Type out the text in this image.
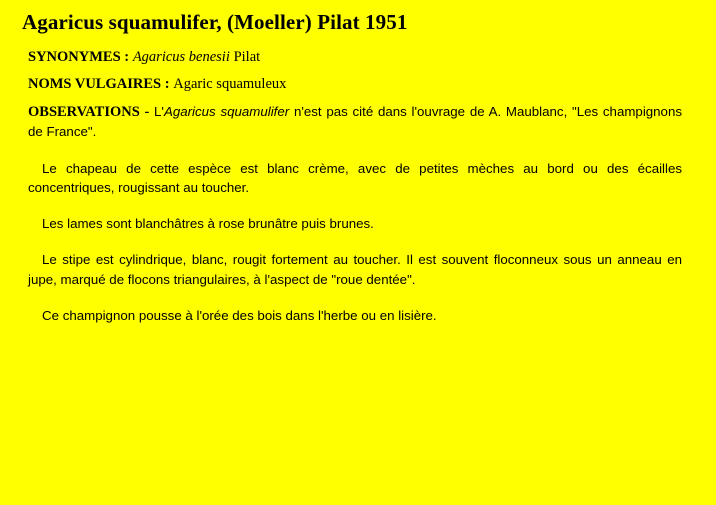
Agaricus squamulifer, (Moeller) Pilat 1951

SYNONYMES : Agaricus benesii Pilat

NOMS VULGAIRES : Agaric squamuleux

OBSERVATIONS - L'Agaricus squamulifer n'est pas cité dans l'ouvrage de A. Maublanc, "Les champignons de France".

Le chapeau de cette espèce est blanc crème, avec de petites mèches au bord ou des écailles concentriques, rougissant au toucher.

Les lames sont blanchâtres à rose brunâtre puis brunes.

Le stipe est cylindrique, blanc, rougit fortement au toucher. Il est souvent floconneux sous un anneau en jupe, marqué de flocons triangulaires, à l'aspect de "roue dentée".

Ce champignon pousse à l'orée des bois dans l'herbe ou en lisière.
